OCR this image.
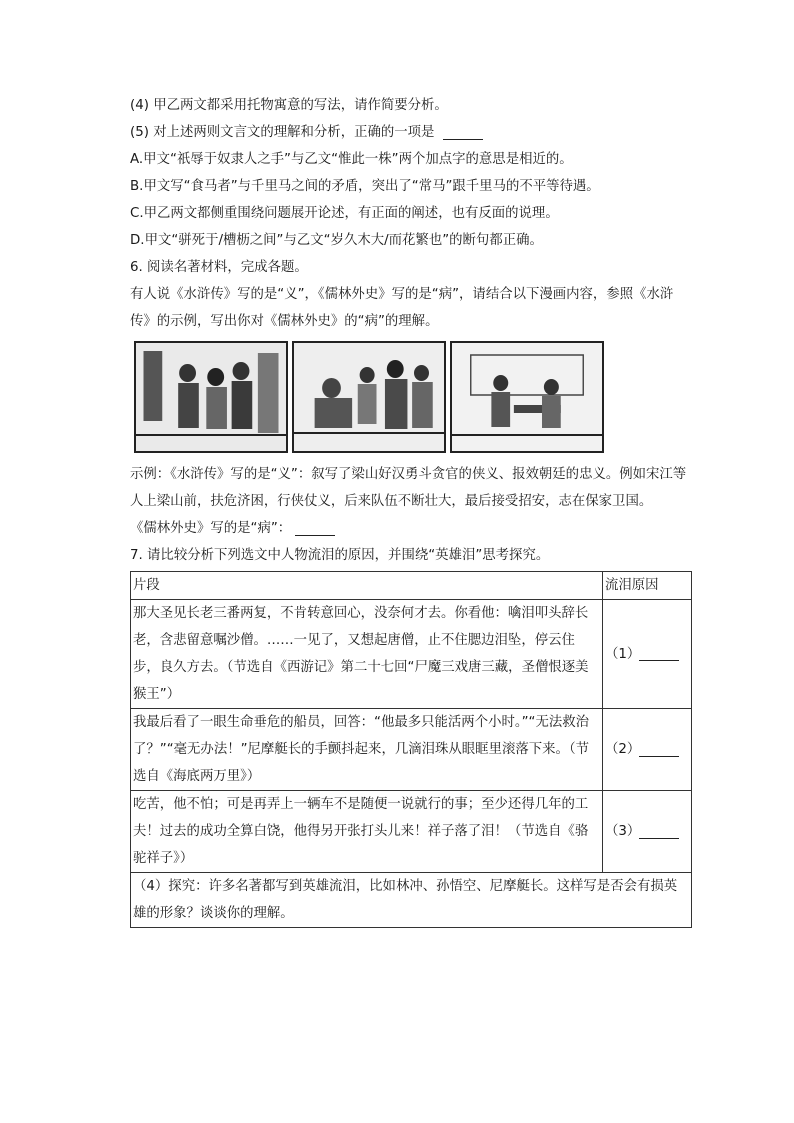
(4) 甲乙两文都采用托物寓意的写法，请作简要分析。
(5) 对上述两则文言文的理解和分析，正确的一项是
A.甲文“祇辱于奴隶人之手”与乙文“惟此一株”两个加点字的意思是相近的。
B.甲文写“食马者”与千里马之间的矛盾，突出了“常马”跟千里马的不平等待遇。
C.甲乙两文都侧重围绕问题展开论述，有正面的阐述，也有反面的说理。
D.甲文“骈死于/槽枥之间”与乙文“岁久木大/而花繁也”的断句都正确。
6. 阅读名著材料，完成各题。
有人说《水浒传》写的是“义”，《儒林外史》写的是“病”，请结合以下漫画内容，参照《水浒传》的示例，写出你对《儒林外史》的“病”的理解。
示例：《水浒传》写的是“义”：叙写了梁山好汉勇斗贪官的侠义、报效朝廷的忠义。例如宋江等人上梁山前，扶危济困，行侠仗义，后来队伍不断壮大，最后接受招安，志在保家卫国。
《儒林外史》写的是“病”：
7. 请比较分析下列选文中人物流泪的原因，并围绕“英雄泪”思考探究。
片段	流泪原因
那大圣见长老三番两复，不肯转意回心，没奈何才去。你看他：噙泪叩头辞长老，含悲留意嘱沙僧。……一见了，又想起唐僧，止不住腮边泪坠，停云住步，良久方去。（节选自《西游记》第二十七回“尸魔三戏唐三藏，圣僧恨逐美猴王”）	（1）
我最后看了一眼生命垂危的船员，回答：“他最多只能活两个小时。”“无法救治了？”“毫无办法！”尼摩艇长的手颤抖起来，几滴泪珠从眼眶里滚落下来。（节选自《海底两万里》）	（2）
吃苦，他不怕；可是再弄上一辆车不是随便一说就行的事；至少还得几年的工夫！过去的成功全算白饶，他得另开张打头儿来！祥子落了泪！（节选自《骆驼祥子》）	（3）
（4）探究：许多名著都写到英雄流泪，比如林冲、孙悟空、尼摩艇长。这样写是否会有损英雄的形象？谈谈你的理解。	
